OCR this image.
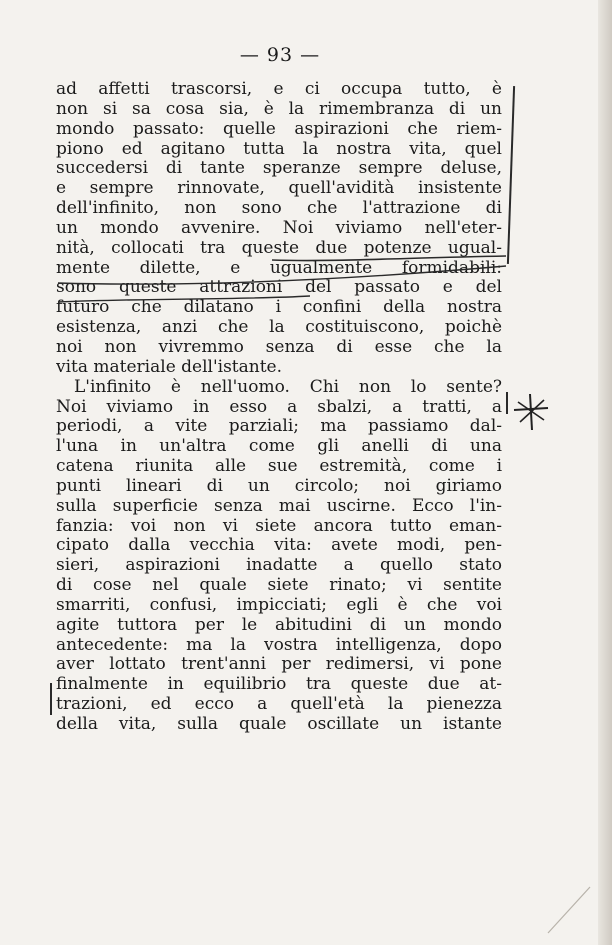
— 93 —
ad affetti trascorsi, e ci occupa tutto, è
non si sa cosa sia, è la rimembranza di un
mondo passato: quelle aspirazioni che riem-
piono ed agitano tutta la nostra vita, quel
succedersi di tante speranze sempre deluse,
e sempre rinnovate, quell'avidità insistente
dell'infinito, non sono che l'attrazione di
un mondo avvenire. Noi viviamo nell'eter-
nità, collocati tra queste due potenze ugual-
mente dilette, e ugualmente formidabili:
sono queste attrazioni del passato e del
futuro che dilatano i confini della nostra
esistenza, anzi che la costituiscono, poichè
noi non vivremmo senza di esse che la
vita materiale dell'istante.
L'infinito è nell'uomo. Chi non lo sente?
Noi viviamo in esso a sbalzi, a tratti, a
periodi, a vite parziali; ma passiamo dal-
l'una in un'altra come gli anelli di una
catena riunita alle sue estremità, come i
punti lineari di un circolo; noi giriamo
sulla superficie senza mai uscirne. Ecco l'in-
fanzia: voi non vi siete ancora tutto eman-
cipato dalla vecchia vita: avete modi, pen-
sieri, aspirazioni inadatte a quello stato
di cose nel quale siete rinato; vi sentite
smarriti, confusi, impicciati; egli è che voi
agite tuttora per le abitudini di un mondo
antecedente: ma la vostra intelligenza, dopo
aver lottato trent'anni per redimersi, vi pone
finalmente in equilibrio tra queste due at-
trazioni, ed ecco a quell'età la pienezza
della vita, sulla quale oscillate un istante
